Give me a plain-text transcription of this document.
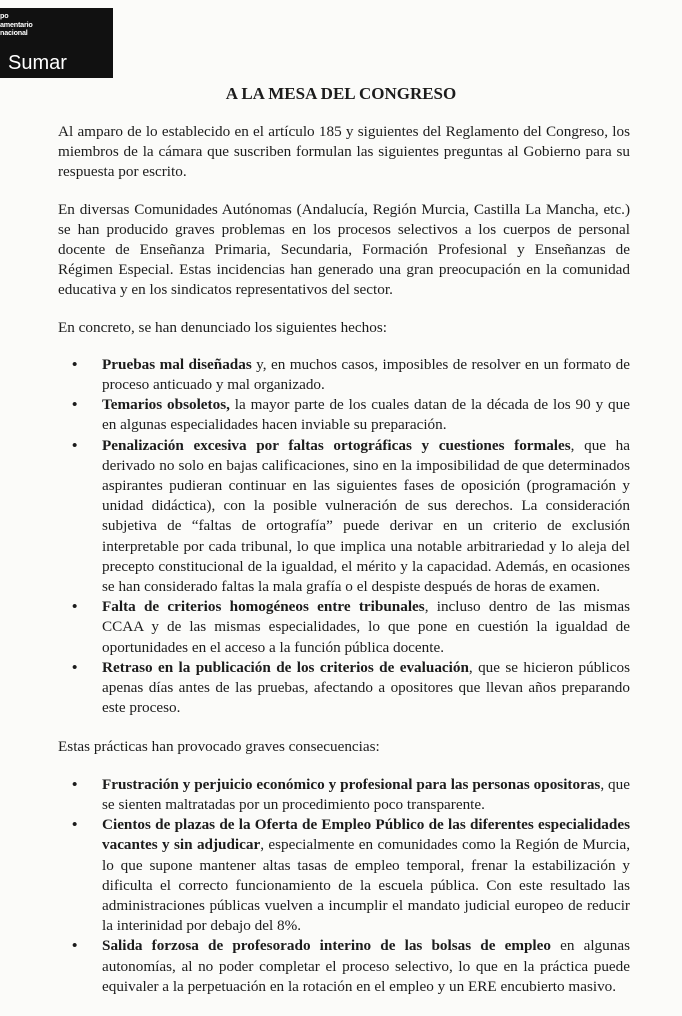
po
amentario
nacional
Sumar
A LA MESA DEL CONGRESO

Al amparo de lo establecido en el artículo 185 y siguientes del Reglamento del Congreso, los miembros de la cámara que suscriben formulan las siguientes preguntas al Gobierno para su respuesta por escrito.

En diversas Comunidades Autónomas (Andalucía, Región Murcia, Castilla La Mancha, etc.) se han producido graves problemas en los procesos selectivos a los cuerpos de personal docente de Enseñanza Primaria, Secundaria, Formación Profesional y Enseñanzas de Régimen Especial. Estas incidencias han generado una gran preocupación en la comunidad educativa y en los sindicatos representativos del sector.

En concreto, se han denunciado los siguientes hechos:

• Pruebas mal diseñadas y, en muchos casos, imposibles de resolver en un formato de proceso anticuado y mal organizado.
• Temarios obsoletos, la mayor parte de los cuales datan de la década de los 90 y que en algunas especialidades hacen inviable su preparación.
• Penalización excesiva por faltas ortográficas y cuestiones formales, que ha derivado no solo en bajas calificaciones, sino en la imposibilidad de que determinados aspirantes pudieran continuar en las siguientes fases de oposición (programación y unidad didáctica), con la posible vulneración de sus derechos. La consideración subjetiva de “faltas de ortografía” puede derivar en un criterio de exclusión interpretable por cada tribunal, lo que implica una notable arbitrariedad y lo aleja del precepto constitucional de la igualdad, el mérito y la capacidad. Además, en ocasiones se han considerado faltas la mala grafía o el despiste después de horas de examen.
• Falta de criterios homogéneos entre tribunales, incluso dentro de las mismas CCAA y de las mismas especialidades, lo que pone en cuestión la igualdad de oportunidades en el acceso a la función pública docente.
• Retraso en la publicación de los criterios de evaluación, que se hicieron públicos apenas días antes de las pruebas, afectando a opositores que llevan años preparando este proceso.

Estas prácticas han provocado graves consecuencias:

• Frustración y perjuicio económico y profesional para las personas opositoras, que se sienten maltratadas por un procedimiento poco transparente.
• Cientos de plazas de la Oferta de Empleo Público de las diferentes especialidades vacantes y sin adjudicar, especialmente en comunidades como la Región de Murcia, lo que supone mantener altas tasas de empleo temporal, frenar la estabilización y dificulta el correcto funcionamiento de la escuela pública. Con este resultado las administraciones públicas vuelven a incumplir el mandato judicial europeo de reducir la interinidad por debajo del 8%.
• Salida forzosa de profesorado interino de las bolsas de empleo en algunas autonomías, al no poder completar el proceso selectivo, lo que en la práctica puede equivaler a la perpetuación en la rotación en el empleo y un ERE encubierto masivo.
